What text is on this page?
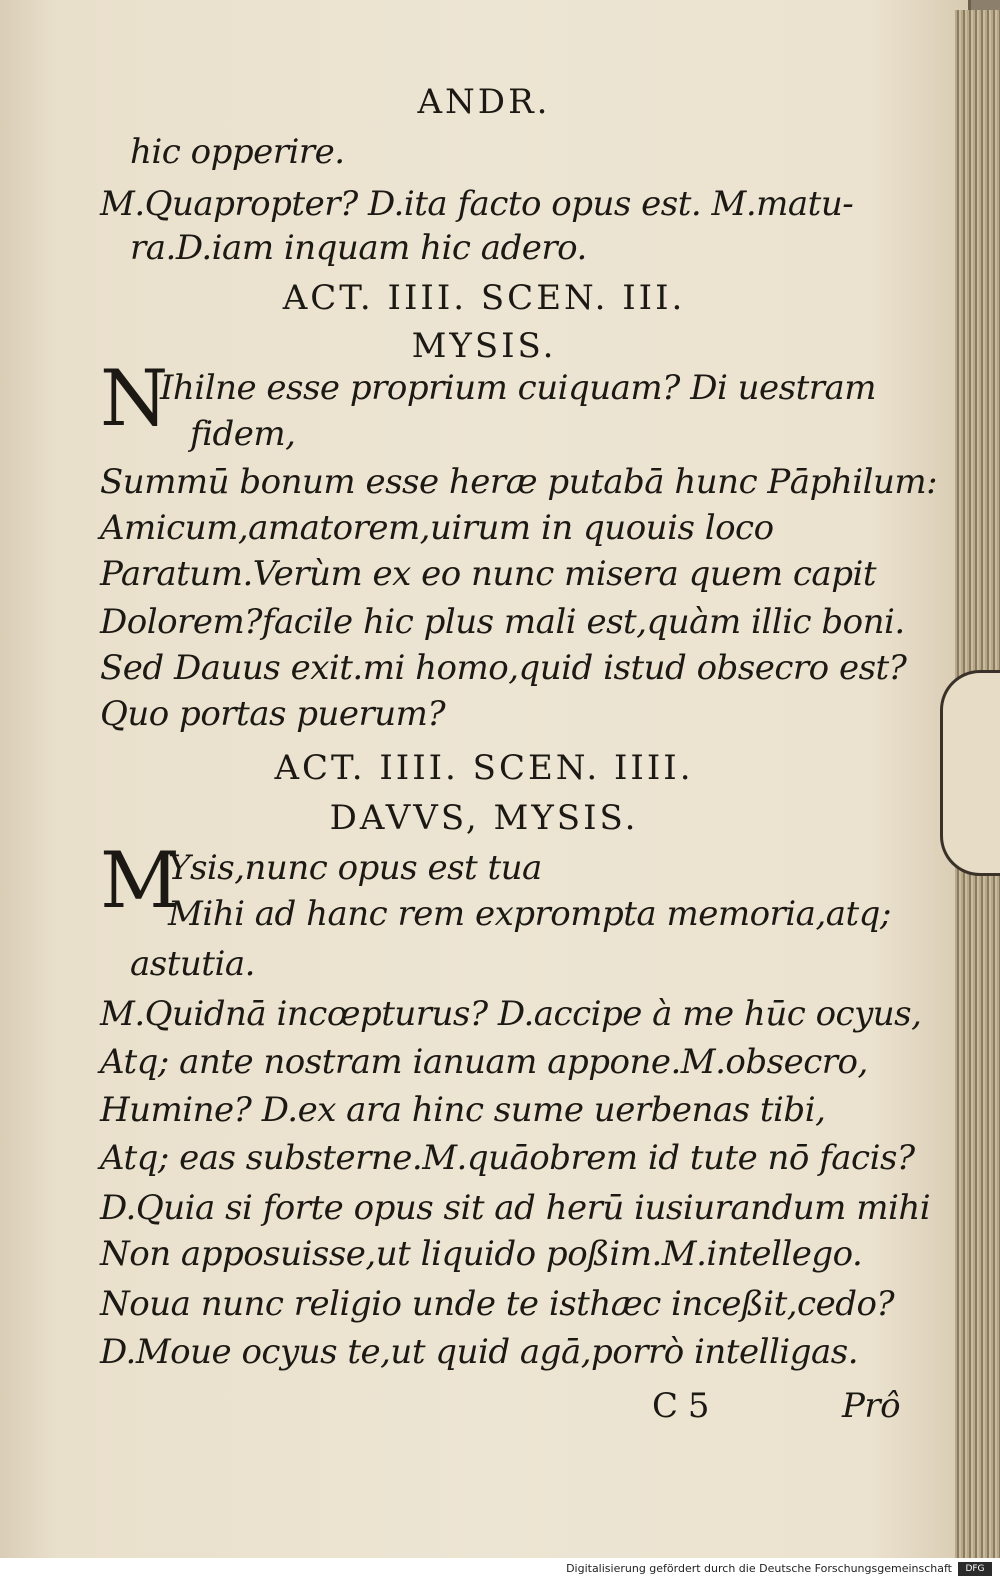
ANDR.
hic opperire.
M.Quapropter? D.ita facto opus est. M.matu-
ra.D.iam inquam hic adero.
ACT. IIII. SCEN. III.
MYSIS.
N
Ihilne esse proprium cuiquam? Di uestram
fidem,
Summū bonum esse heræ putabā hunc Pāphilum:
Amicum,amatorem,uirum in quouis loco
Paratum.Verùm ex eo nunc misera quem capit
Dolorem?facile hic plus mali est,quàm illic boni.
Sed Dauus exit.mi homo,quid istud obsecro est?
Quo portas puerum?
ACT. IIII. SCEN. IIII.
DAVVS, MYSIS.
M
Ysis,nunc opus est tua
Mihi ad hanc rem exprompta memoria,atq;
astutia.
M.Quidnā incœpturus? D.accipe à me hūc ocyus,
Atq; ante nostram ianuam appone.M.obsecro,
Humine? D.ex ara hinc sume uerbenas tibi,
Atq; eas substerne.M.quāobrem id tute nō facis?
D.Quia si forte opus sit ad herū iusiurandum mihi
Non apposuisse,ut liquido poßim.M.intellego.
Noua nunc religio unde te isthæc inceßit,cedo?
D.Moue ocyus te,ut quid agā,porrò intelligas.
C 5	Prô
Digitalisierung gefördert durch die Deutsche Forschungsgemeinschaft	DFG
